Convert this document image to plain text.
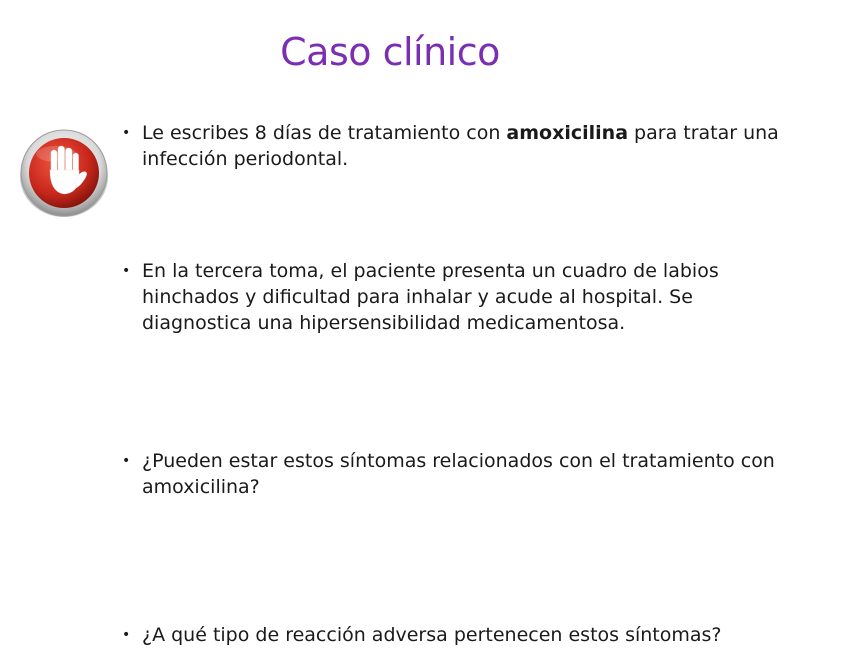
Caso clínico
• Le escribes 8 días de tratamiento con amoxicilina para tratar una infección periodontal.
• En la tercera toma, el paciente presenta un cuadro de labios hinchados y dificultad para inhalar y acude al hospital. Se diagnostica una hipersensibilidad medicamentosa.
• ¿Pueden estar estos síntomas relacionados con el tratamiento con amoxicilina?
• ¿A qué tipo de reacción adversa pertenecen estos síntomas?
